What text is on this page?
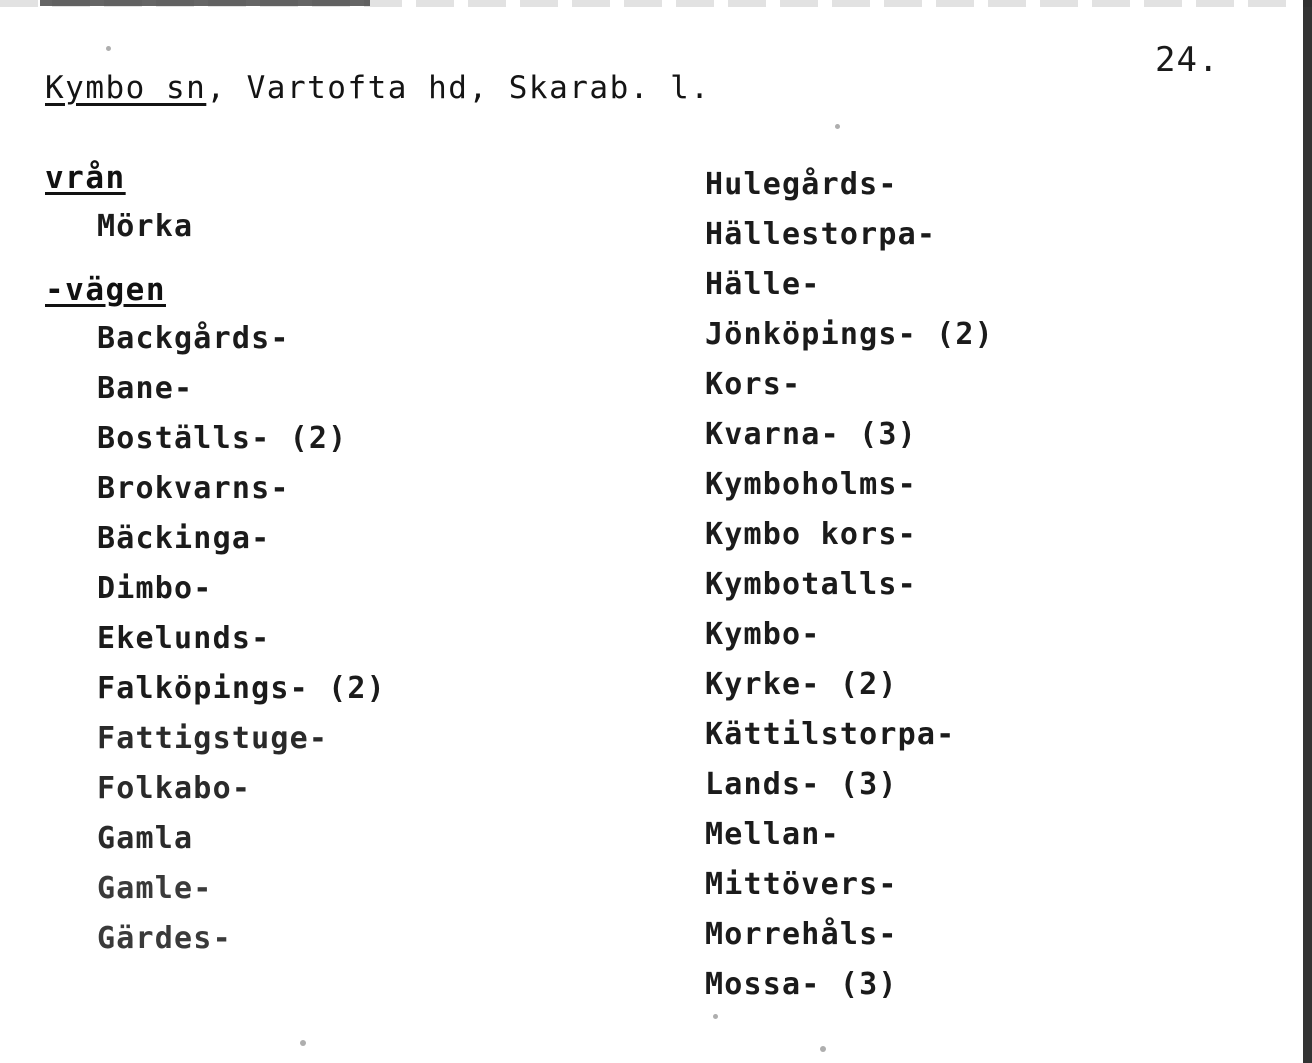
24.
Kymbo sn, Vartofta hd, Skarab. l.
vrån
Mörka
-vägen
Backgårds-
Bane-
Boställs- (2)
Brokvarns-
Bäckinga-
Dimbo-
Ekelunds-
Falköpings- (2)
Fattigstuge-
Folkabo-
Gamla
Gamle-
Gärdes-
Hulegårds-
Hällestorpa-
Hälle-
Jönköpings- (2)
Kors-
Kvarna- (3)
Kymboholms-
Kymbo kors-
Kymbotalls-
Kymbo-
Kyrke- (2)
Kättilstorpa-
Lands- (3)
Mellan-
Mittövers-
Morrehåls-
Mossa- (3)
